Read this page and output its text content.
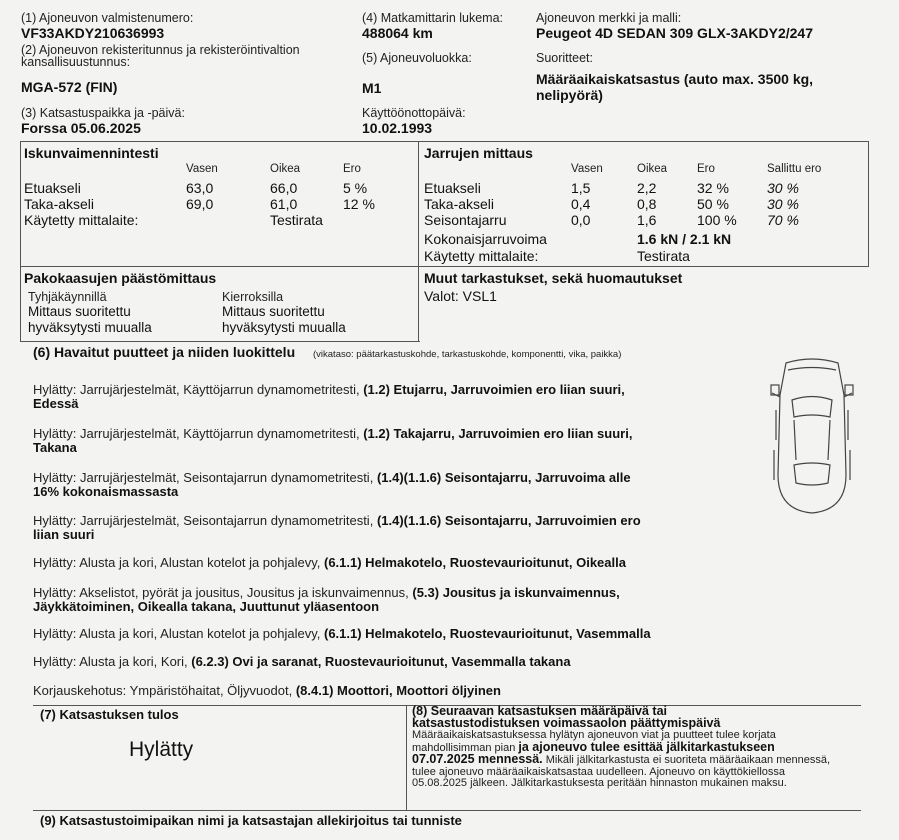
(1) Ajoneuvon valmistenumero:
VF33AKDY210636993
(2) Ajoneuvon rekisteritunnus ja rekisteröintivaltion
kansallisuustunnus:
MGA-572 (FIN)
(3) Katsastuspaikka ja -päivä:
Forssa 05.06.2025
(4) Matkamittarin lukema:
488064 km
(5) Ajoneuvoluokka:
M1
Käyttöönottopäivä:
10.02.1993
Ajoneuvon merkki ja malli:
Peugeot 4D SEDAN 309 GLX-3AKDY2/247
Suoritteet:
Määräaikaiskatsastus (auto max. 3500 kg,
nelipyörä)
Iskunvaimennintesti
Vasen	Oikea	Ero
Etuakseli	63,0	66,0	5 %
Taka-akseli	69,0	61,0	12 %
Käytetty mittalaite:	Testirata
Jarrujen mittaus
Vasen	Oikea	Ero	Sallittu ero
Etuakseli	1,5	2,2	32 %	30 %
Taka-akseli	0,4	0,8	50 %	30 %
Seisontajarru	0,0	1,6	100 % 70 %
Kokonaisjarruvoima	1.6 kN / 2.1 kN
Käytetty mittalaite:	Testirata
Pakokaasujen päästömittaus
Tyhjäkäynnillä
Mittaus suoritettu
hyväksytysti muualla
Kierroksilla
Mittaus suoritettu
hyväksytysti muualla
Muut tarkastukset, sekä huomautukset
Valot: VSL1
(6) Havaitut puutteet ja niiden luokittelu (vikataso: päätarkastuskohde, tarkastuskohde, komponentti, vika, paikka)
Hylätty: Jarrujärjestelmät, Käyttöjarrun dynamometritesti, (1.2) Etujarru, Jarruvoimien ero liian suuri,
Edessä
Hylätty: Jarrujärjestelmät, Käyttöjarrun dynamometritesti, (1.2) Takajarru, Jarruvoimien ero liian suuri,
Takana
Hylätty: Jarrujärjestelmät, Seisontajarrun dynamometritesti, (1.4)(1.1.6) Seisontajarru, Jarruvoima alle
16% kokonaismassasta
Hylätty: Jarrujärjestelmät, Seisontajarrun dynamometritesti, (1.4)(1.1.6) Seisontajarru, Jarruvoimien ero
liian suuri
Hylätty: Alusta ja kori, Alustan kotelot ja pohjalevy, (6.1.1) Helmakotelo, Ruostevaurioitunut, Oikealla
Hylätty: Akselistot, pyörät ja jousitus, Jousitus ja iskunvaimennus, (5.3) Jousitus ja iskunvaimennus,
Jäykkätoiminen, Oikealla takana, Juuttunut yläasentoon
Hylätty: Alusta ja kori, Alustan kotelot ja pohjalevy, (6.1.1) Helmakotelo, Ruostevaurioitunut, Vasemmalla
Hylätty: Alusta ja kori, Kori, (6.2.3) Ovi ja saranat, Ruostevaurioitunut, Vasemmalla takana
Korjauskehotus: Ympäristöhaitat, Öljyvuodot, (8.4.1) Moottori, Moottori öljyinen
(7) Katsastuksen tulos
Hylätty
(8) Seuraavan katsastuksen määräpäivä tai
katsastustodistuksen voimassaolon päättymispäivä
Määräaikaiskatsastuksessa hylätyn ajoneuvon viat ja puutteet tulee korjata mahdollisimman pian ja ajoneuvo tulee esittää jälkitarkastukseen 07.07.2025 mennessä. Mikäli jälkitarkastusta ei suoriteta määräaikaan mennessä, tulee ajoneuvo määräaikaiskatsastaa uudelleen. Ajoneuvo on käyttökiellossa 05.08.2025 jälkeen. Jälkitarkastuksesta peritään hinnaston mukainen maksu.
(9) Katsastustoimipaikan nimi ja katsastajan allekirjoitus tai tunniste
